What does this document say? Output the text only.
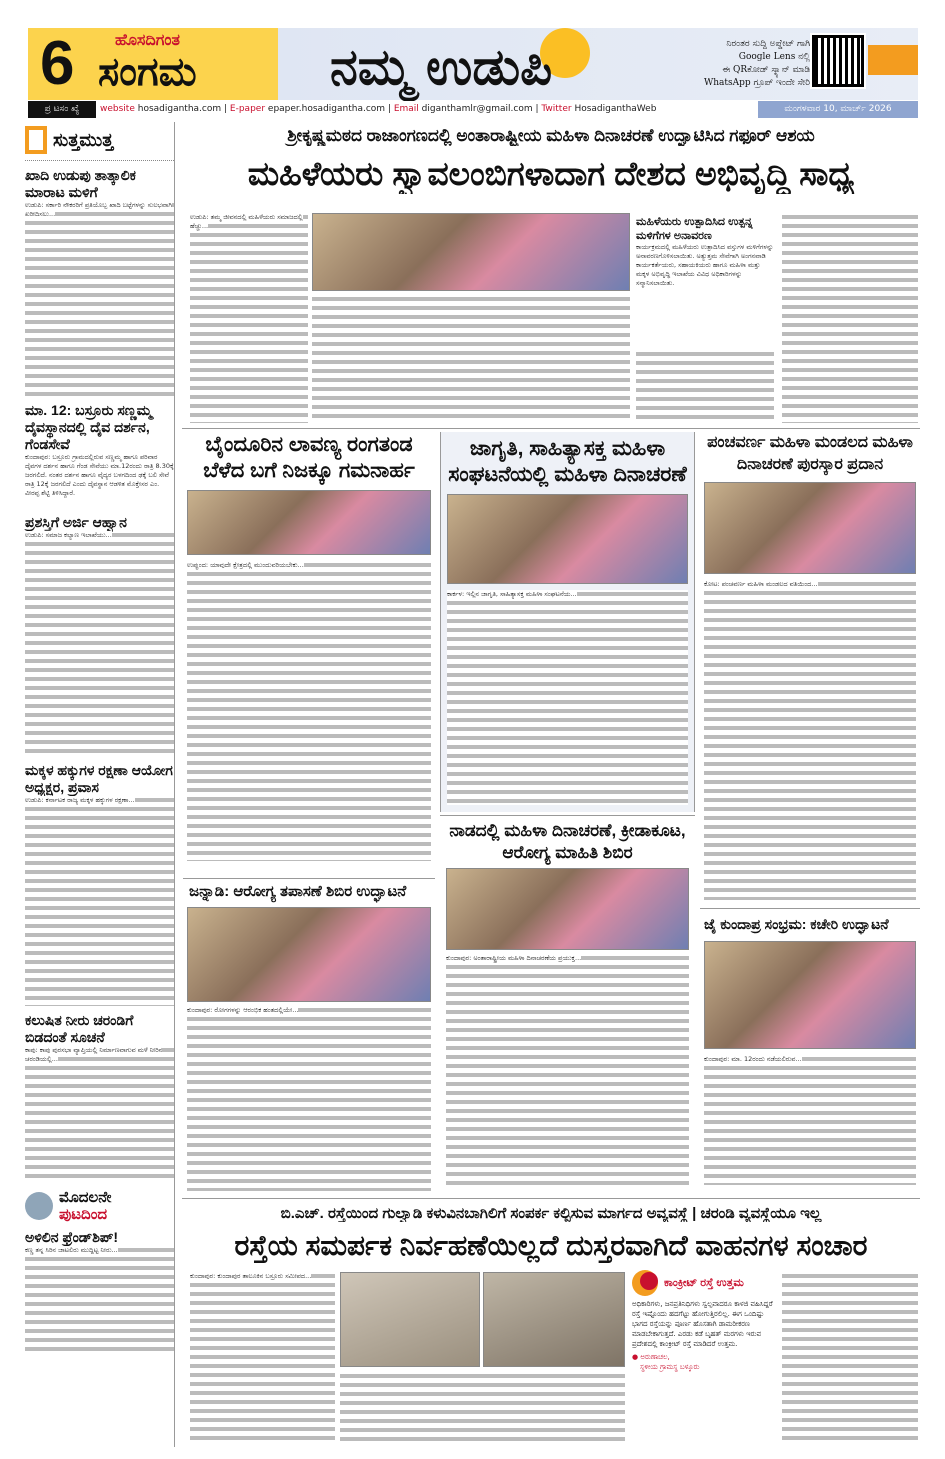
6	ಹೊಸದಿಗಂತ
ಸಂಗಮ	ನಮ್ಮ ಉಡುಪಿ	ನಿರಂತರ ಸುದ್ದಿ ಅಪ್ಡೇಟ್ ಗಾಗಿ
Google Lens ನಲ್ಲಿ
ಈ QRಕೋಡ್ ಸ್ಕ್ಯಾನ್ ಮಾಡಿ
WhatsApp ಗ್ರೂಪ್ ಇಂದೇ ಸೇರಿ
ಪ್ರ ಟಸಂ ಖ್ಯೆ	website hosadigantha.com | E-paper epaper.hosadigantha.com | Email diganthamlr@gmail.com | Twitter HosadiganthaWeb	ಮಂಗಳವಾರ 10, ಮಾರ್ಚ್ 2026
ಸುತ್ತಮುತ್ತ
ಖಾದಿ ಉಡುಪು ತಾತ್ಕಾಲಿಕ ಮಾರಾಟ ಮಳಿಗೆ
ಉಡುಪಿ: ಸರ್ಕಾರಿ ನೌಕರರಿಗೆ ಪ್ರತಿಯೊಬ್ಬ ಖಾದಿ ಬಟ್ಟೆಗಳನ್ನು ಸುಲಭವಾಗಿ ಖರೀದಿಸಲು...
ಮಾ. 12: ಬಸ್ರೂರು ಸಣ್ಣಮ್ಮ ದೈವಸ್ಥಾನದಲ್ಲಿ ದೈವ ದರ್ಶನ, ಗೆಂಡಸೇವೆ
ಕುಂದಾಪುರ: ಬಸ್ರೂರು ಗ್ರಾಮದಲ್ಲಿರುವ ಸಣ್ಣಮ್ಮ ಹಾಗೂ ಪರಿವಾರ ದೈವಗಳ ದರ್ಶನ ಹಾಗೂ ಗೆಂಡ ಸೇವೆಯು ಮಾ.12ರಂದು ರಾತ್ರಿ 8.30ಕ್ಕೆ ಜರಗಲಿದೆ. ನಂತರ ದರ್ಶನ ಹಾಗೂ ವೈದ್ಯರ ಬಳಗದಿಂದ ಢಕ್ಕೆ ಬಲಿ ಸೇವೆ ರಾತ್ರಿ 12ಕ್ಕೆ ಜರಗಲಿದೆ ಎಂದು ದೈವಸ್ಥಾನ ಆಡಳಿತ ಮೊಕ್ತೇಸರ ಎಂ. ವೀರಪ್ಪ ಶೆಟ್ಟಿ ತಿಳಿಸಿದ್ದಾರೆ.
ಪ್ರಶಸ್ತಿಗೆ ಅರ್ಜಿ ಆಹ್ವಾನ
ಉಡುಪಿ: ಸಮಾಜ ಕಲ್ಯಾಣ ಇಲಾಖೆಯು...
ಮಕ್ಕಳ ಹಕ್ಕುಗಳ ರಕ್ಷಣಾ ಆಯೋಗ ಅಧ್ಯಕ್ಷರ, ಪ್ರವಾಸ
ಉಡುಪಿ: ಕರ್ನಾಟಕ ರಾಜ್ಯ ಮಕ್ಕಳ ಹಕ್ಕುಗಳ ರಕ್ಷಣಾ...
ಕಲುಷಿತ ನೀರು ಚರಂಡಿಗೆ ಬಿಡದಂತೆ ಸೂಚನೆ
ಕಾಪು: ಕಾಪು ಪುರಸಭಾ ವ್ಯಾಪ್ತಿಯಲ್ಲಿ ನಿರ್ಮಾಣವಾಗುವ ಮಳೆ ನೀರಿನ ಚರಂಡಿಯಲ್ಲಿ...
ಮೊದಲನೇ
ಪುಟದಿಂದ
ಅಳಿಲಿನ ಫ್ರೆಂಡ್‌ಶಿಪ್!
ಕಣ್ಣ ತನ್ನ ಸಿರಿನ ಜಾಟಲಿರು ಮುದ್ದಿಟ್ಟ ನೀರು...
ಶ್ರೀಕೃಷ್ಣಮಠದ ರಾಜಾಂಗಣದಲ್ಲಿ ಅಂತಾರಾಷ್ಟ್ರೀಯ ಮಹಿಳಾ ದಿನಾಚರಣೆ ಉದ್ಘಾಟಿಸಿದ ಗಫೂರ್ ಆಶಯ
ಮಹಿಳೆಯರು ಸ್ವಾವಲಂಬಿಗಳಾದಾಗ ದೇಶದ ಅಭಿವೃದ್ಧಿ ಸಾಧ್ಯ
ಉಡುಪಿ: ತಮ್ಮ ಜೀವನದಲ್ಲಿ ಮಹಿಳೆಯರು ಸಮಾಜದಲ್ಲಿ ಹೆಚ್ಚು...	ಮಹಿಳೆಯರು ಉತ್ಪಾದಿಸಿದ ಉತ್ಪನ್ನ ಮಳಿಗೆಗಳ ಅನಾವರಣ
ಕಾರ್ಯಕ್ರಮದಲ್ಲಿ ಮಹಿಳೆಯರು ಉತ್ಪಾದಿಸಿದ ವಸ್ತುಗಳ ಮಳಿಗೆಗಳನ್ನು ಅನಾವರಣಗೊಳಿಸಲಾಯಿತು. ಅತ್ಯುತ್ತಮ ಸೇವೆಗಾಗಿ ಅಂಗನವಾಡಿ ಕಾರ್ಯಕರ್ತೆಯರು, ಸಹಾಯಕಿಯರು ಹಾಗೂ ಮಹಿಳಾ ಮತ್ತು ಮಕ್ಕಳ ಅಭಿವೃದ್ಧಿ ಇಲಾಖೆಯ ವಿವಿಧ ಅಧಿಕಾರಿಗಳನ್ನು ಸನ್ಮಾನಿಸಲಾಯಿತು.
ಬೈಂದೂರಿನ ಲಾವಣ್ಯ ರಂಗತಂಡ ಬೆಳೆದ ಬಗೆ ನಿಜಕ್ಕೂ ಗಮನಾರ್ಹ
ಉಪ್ಪುಂದ: ಯಾವುದೇ ಕ್ಷೇತ್ರದಲ್ಲಿ ಮುಂದುವರಿಯಬೇಕು...
ಜಾಗೃತಿ, ಸಾಹಿತ್ಯಾಸಕ್ತ ಮಹಿಳಾ ಸಂಘಟನೆಯಲ್ಲಿ ಮಹಿಳಾ ದಿನಾಚರಣೆ
ಕಾರ್ಕಳ: ಇಲ್ಲಿನ ಜಾಗೃತಿ, ಸಾಹಿತ್ಯಾಸಕ್ತ ಮಹಿಳಾ ಸಂಘಟನೆಯ...
ಪಂಚವರ್ಣ ಮಹಿಳಾ ಮಂಡಲದ ಮಹಿಳಾ ದಿನಾಚರಣೆ ಪುರಸ್ಕಾರ ಪ್ರದಾನ
ಕೋಟ: ಪಂಚವರ್ಣ ಮಹಿಳಾ ಮಂಡಲದ ವತಿಯಿಂದ...
ನಾಡದಲ್ಲಿ ಮಹಿಳಾ ದಿನಾಚರಣೆ, ಕ್ರೀಡಾಕೂಟ, ಆರೋಗ್ಯ ಮಾಹಿತಿ ಶಿಬಿರ
ಕುಂದಾಪುರ: ಅಂತಾರಾಷ್ಟ್ರೀಯ ಮಹಿಳಾ ದಿನಾಚರಣೆಯ ಪ್ರಯುಕ್ತ...
ಜನ್ನಾಡಿ: ಆರೋಗ್ಯ ತಪಾಸಣೆ ಶಿಬಿರ ಉದ್ಘಾಟನೆ
ಕುಂದಾಪುರ: ರೋಗಗಳನ್ನು ಆರಂಭಿಕ ಹಂತದಲ್ಲಿಯೇ...
ಜೈ ಕುಂದಾಪ್ರ ಸಂಭ್ರಮ: ಕಚೇರಿ ಉದ್ಘಾಟನೆ
ಕುಂದಾಪುರ: ಮಾ. 12ರಂದು ನಡೆಯಲಿರುವ...
ಬಿ.ಎಚ್. ರಸ್ತೆಯಿಂದ ಗುಲ್ವಾಡಿ ಕಳುವಿನಬಾಗಿಲಿಗೆ ಸಂಪರ್ಕ ಕಲ್ಪಿಸುವ ಮಾರ್ಗದ ಅವ್ಯವಸ್ಥೆ | ಚರಂಡಿ ವ್ಯವಸ್ಥೆಯೂ ಇಲ್ಲ
ರಸ್ತೆಯ ಸಮರ್ಪಕ ನಿರ್ವಹಣೆಯಿಲ್ಲದೆ ದುಸ್ತರವಾಗಿದೆ ವಾಹನಗಳ ಸಂಚಾರ
ಕುಂದಾಪುರ: ಕುಂದಾಪುರ ತಾಲೂಕಿನ ಬಸ್ರೂರು ಸಮೀಪದ...
ಕಾಂಕ್ರೀಟ್ ರಸ್ತೆ ಉತ್ತಮ
ಅಧಿಕಾರಿಗಳು, ಜನಪ್ರತಿನಿಧಿಗಳು ಸ್ವಲ್ಪವಾದರೂ ಕಾಳಜಿ ವಹಿಸಿದ್ದರೆ ರಸ್ತೆ ಇಷ್ಟೊಂದು ಹದಗೆಟ್ಟು ಹೋಗುತ್ತಿರಲಿಲ್ಲ. ಈಗ ಒಂದಿಷ್ಟು ಭಾಗದ ರಸ್ತೆಯನ್ನು ಪೂರ್ಣ ಹೊಸತಾಗಿ ಡಾಮರೀಕರಣ ಮಾಡಬೇಕಾಗುತ್ತದೆ. ಎರಡು ಕಡೆ ಬೃಹತ್ ಮರಗಳು ಇರುವ ಪ್ರದೇಶದಲ್ಲಿ ಕಾಂಕ್ರೀಟ್ ರಸ್ತೆ ಮಾಡಿದರೆ ಉತ್ತಮ.
● ಅರುಣಾಚಲ,
ಸ್ಥಳೀಯ ಗ್ರಾಮಸ್ಥ ಬಳ್ಕೂರು
